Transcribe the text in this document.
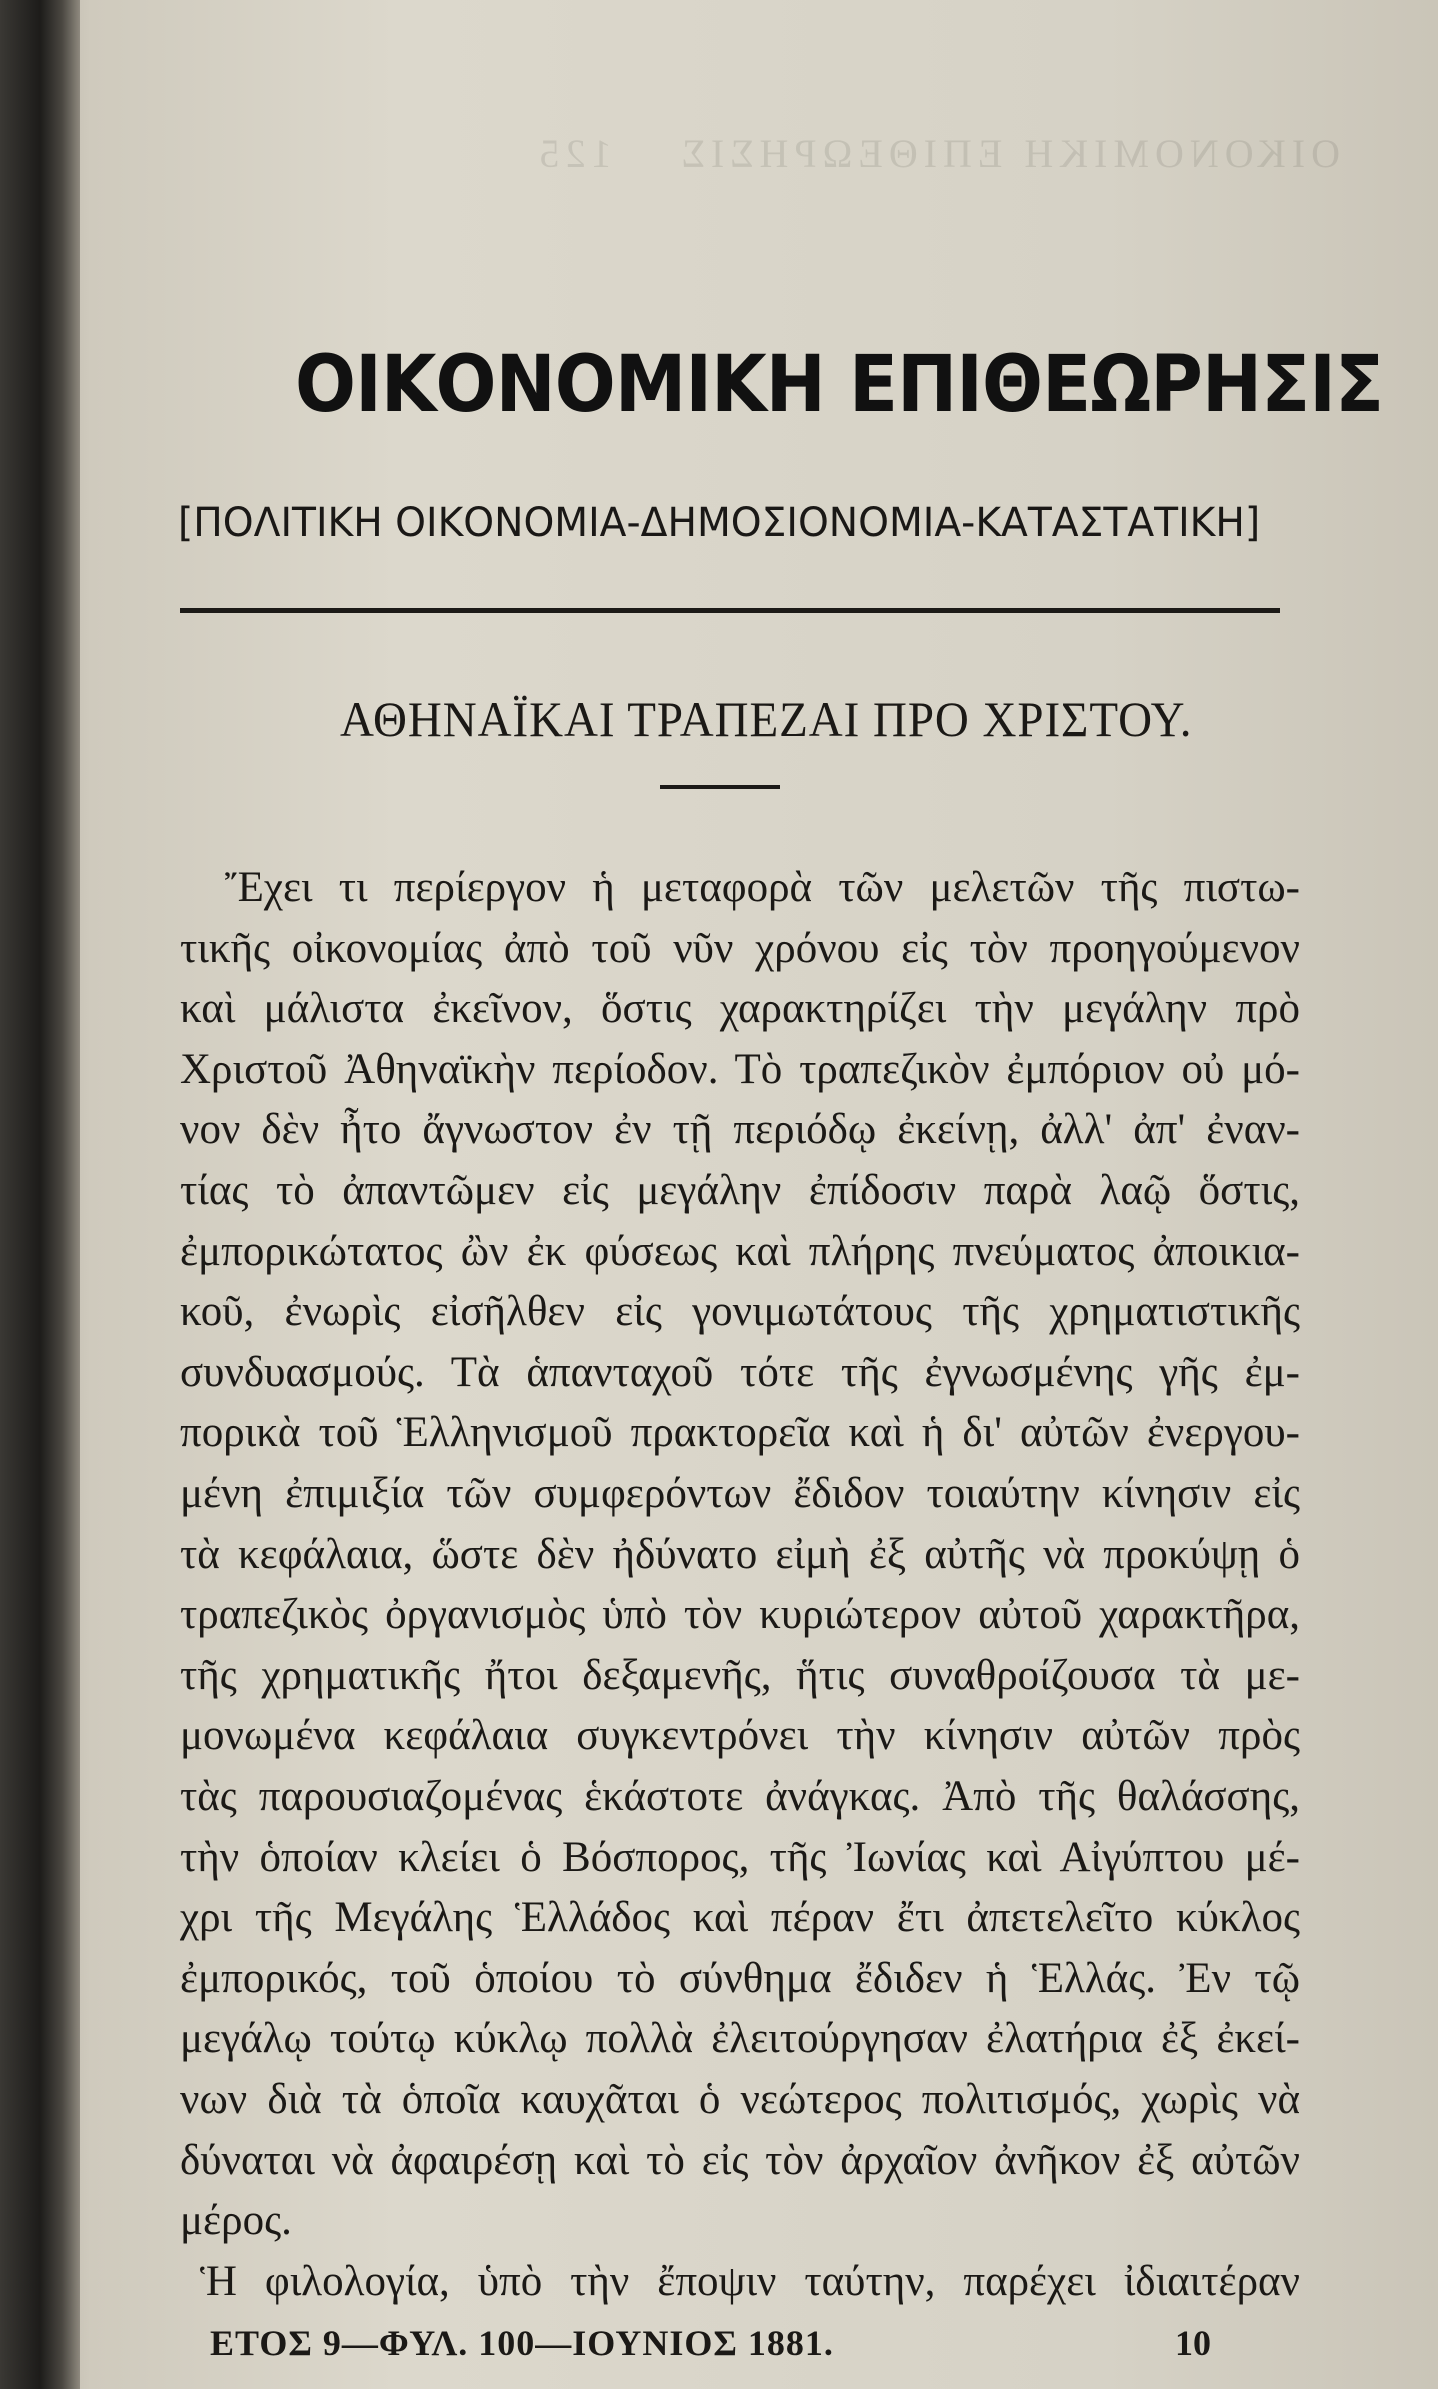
ΟΙΚΟΝΟΜΙΚΗ ΕΠΙΘΕΩΡΗΣΙΣ    125
ΟΙΚΟΝΟΜΙΚΗ ΕΠΙΘΕΩΡΗΣΙΣ
[ΠΟΛΙΤΙΚΗ ΟΙΚΟΝΟΜΙΑ-ΔΗΜΟΣΙΟΝΟΜΙΑ-ΚΑΤΑΣΤΑΤΙΚΗ]
ΑΘΗΝΑΪΚΑΙ ΤΡΑΠΕΖΑΙ ΠΡΟ ΧΡΙΣΤΟΥ.
Ἔχει τι περίεργον ἡ μεταφορὰ τῶν μελετῶν τῆς πιστω-
τικῆς οἰκονομίας ἀπὸ τοῦ νῦν χρόνου εἰς τὸν προηγούμενον
καὶ μάλιστα ἐκεῖνον, ὅστις χαρακτηρίζει τὴν μεγάλην πρὸ
Χριστοῦ Ἀθηναϊκὴν περίοδον. Τὸ τραπεζικὸν ἐμπόριον οὐ μό-
νον δὲν ἦτο ἄγνωστον ἐν τῇ περιόδῳ ἐκείνῃ, ἀλλ' ἀπ' ἐναν-
τίας τὸ ἀπαντῶμεν εἰς μεγάλην ἐπίδοσιν παρὰ λαῷ ὅστις,
ἐμπορικώτατος ὢν ἐκ φύσεως καὶ πλήρης πνεύματος ἀποικια-
κοῦ, ἐνωρὶς εἰσῆλθεν εἰς γονιμωτάτους τῆς χρηματιστικῆς
συνδυασμούς. Τὰ ἁπανταχοῦ τότε τῆς ἐγνωσμένης γῆς ἐμ-
πορικὰ τοῦ Ἑλληνισμοῦ πρακτορεῖα καὶ ἡ δι' αὐτῶν ἐνεργου-
μένη ἐπιμιξία τῶν συμφερόντων ἔδιδον τοιαύτην κίνησιν εἰς
τὰ κεφάλαια, ὥστε δὲν ἠδύνατο εἰμὴ ἐξ αὐτῆς νὰ προκύψῃ ὁ
τραπεζικὸς ὀργανισμὸς ὑπὸ τὸν κυριώτερον αὐτοῦ χαρακτῆρα,
τῆς χρηματικῆς ἤτοι δεξαμενῆς, ἥτις συναθροίζουσα τὰ με-
μονωμένα κεφάλαια συγκεντρόνει τὴν κίνησιν αὐτῶν πρὸς
τὰς παρουσιαζομένας ἑκάστοτε ἀνάγκας. Ἀπὸ τῆς θαλάσσης,
τὴν ὁποίαν κλείει ὁ Βόσπορος, τῆς Ἰωνίας καὶ Αἰγύπτου μέ-
χρι τῆς Μεγάλης Ἑλλάδος καὶ πέραν ἔτι ἀπετελεῖτο κύκλος
ἐμπορικός, τοῦ ὁποίου τὸ σύνθημα ἔδιδεν ἡ Ἑλλάς. Ἐν τῷ
μεγάλῳ τούτῳ κύκλῳ πολλὰ ἐλειτούργησαν ἐλατήρια ἐξ ἐκεί-
νων διὰ τὰ ὁποῖα καυχᾶται ὁ νεώτερος πολιτισμός, χωρὶς νὰ
δύναται νὰ ἀφαιρέσῃ καὶ τὸ εἰς τὸν ἀρχαῖον ἀνῆκον ἐξ αὐτῶν
μέρος.
Ἡ φιλολογία, ὑπὸ τὴν ἔποψιν ταύτην, παρέχει ἰδιαιτέραν
ΕΤΟΣ 9—ΦΥΛ. 100—ΙΟΥΝΙΟΣ 1881.	10
